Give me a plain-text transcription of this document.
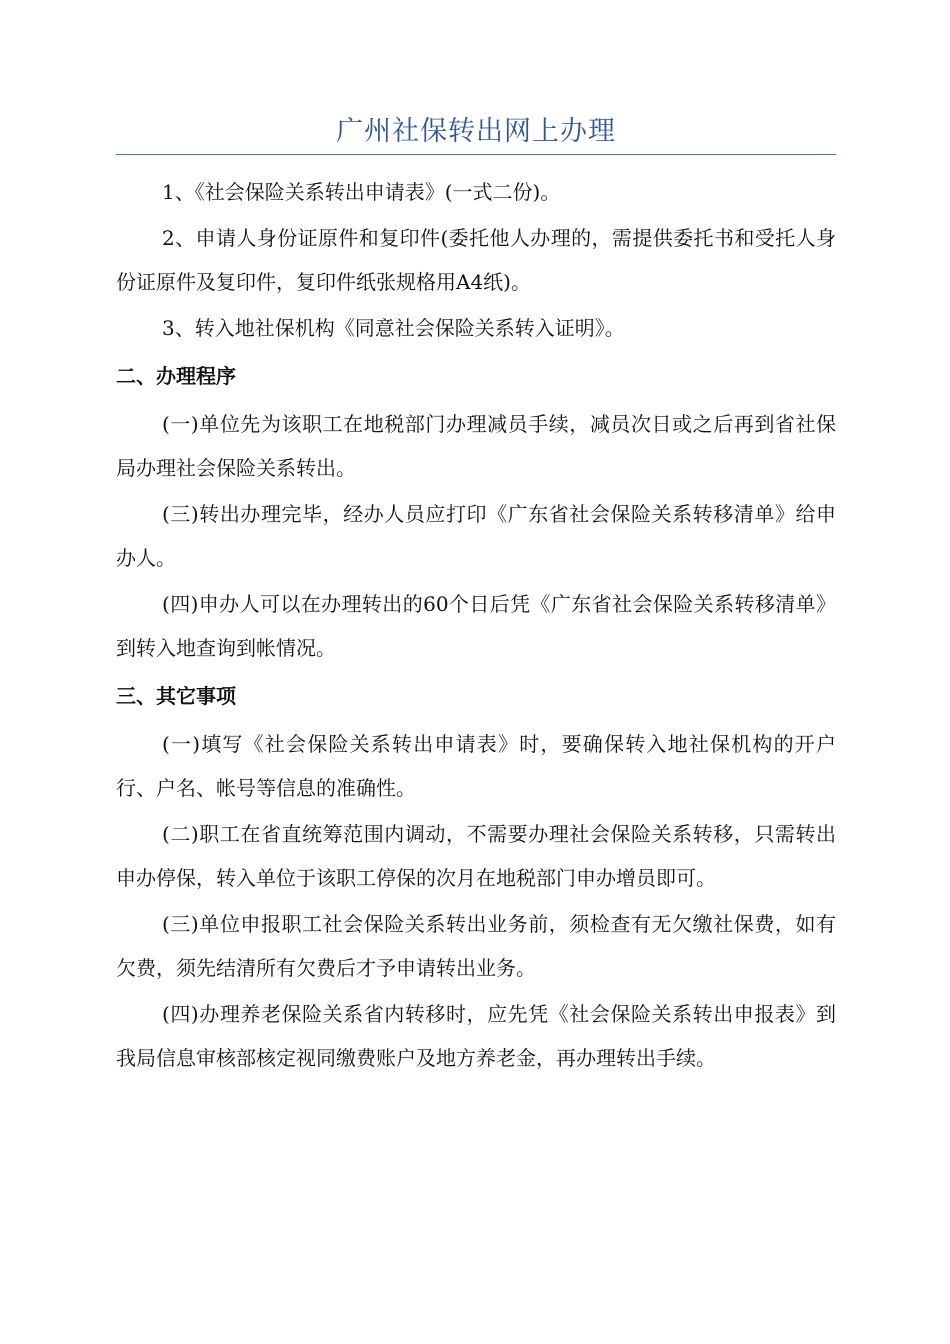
广州社保转出网上办理

1、《社会保险关系转出申请表》(一式二份)。

2、申请人身份证原件和复印件(委托他人办理的，需提供委托书和受托人身份证原件及复印件，复印件纸张规格用A4纸)。

3、转入地社保机构《同意社会保险关系转入证明》。

二、办理程序

(一)单位先为该职工在地税部门办理减员手续，减员次日或之后再到省社保局办理社会保险关系转出。

(三)转出办理完毕，经办人员应打印《广东省社会保险关系转移清单》给申办人。

(四)申办人可以在办理转出的60个日后凭《广东省社会保险关系转移清单》到转入地查询到帐情况。

三、其它事项

(一)填写《社会保险关系转出申请表》时，要确保转入地社保机构的开户行、户名、帐号等信息的准确性。

(二)职工在省直统筹范围内调动，不需要办理社会保险关系转移，只需转出申办停保，转入单位于该职工停保的次月在地税部门申办增员即可。

(三)单位申报职工社会保险关系转出业务前，须检查有无欠缴社保费，如有欠费，须先结清所有欠费后才予申请转出业务。

(四)办理养老保险关系省内转移时，应先凭《社会保险关系转出申报表》到我局信息审核部核定视同缴费账户及地方养老金，再办理转出手续。
